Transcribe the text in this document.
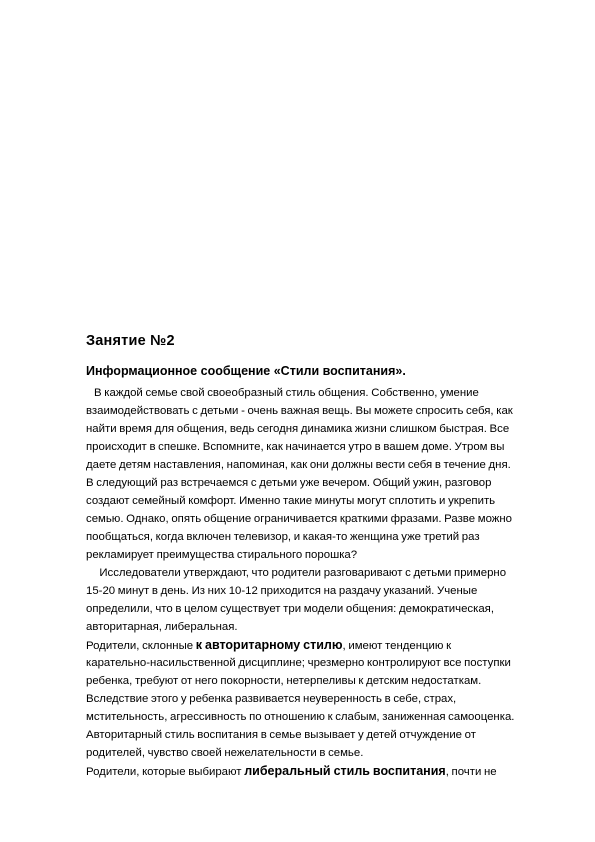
Занятие №2
Информационное сообщение «Стили воспитания».
В каждой семье свой своеобразный стиль общения. Собственно, умение
взаимодействовать с детьми - очень важная вещь. Вы можете спросить себя, как
найти время для общения, ведь сегодня динамика жизни слишком быстрая. Все
происходит в спешке. Вспомните, как начинается утро в вашем доме. Утром вы
даете детям наставления, напоминая, как они должны вести себя в течение дня.
В следующий раз встречаемся с детьми уже вечером. Общий ужин, разговор
создают семейный комфорт. Именно такие минуты могут сплотить и укрепить
семью. Однако, опять общение ограничивается краткими фразами. Разве можно
пообщаться, когда включен телевизор, и какая-то женщина уже третий раз
рекламирует преимущества стирального порошка?
Исследователи утверждают, что родители разговаривают с детьми примерно
15-20 минут в день. Из них 10-12 приходится на раздачу указаний. Ученые
определили, что в целом существует три модели общения: демократическая,
авторитарная, либеральная.
Родители, склонные к авторитарному стилю, имеют тенденцию к
карательно-насильственной дисциплине; чрезмерно контролируют все поступки
ребенка, требуют от него покорности, нетерпеливы к детским недостаткам.
Вследствие этого у ребенка развивается неуверенность в себе, страх,
мстительность, агрессивность по отношению к слабым, заниженная самооценка.
Авторитарный стиль воспитания в семье вызывает у детей отчуждение от
родителей, чувство своей нежелательности в семье.
Родители, которые выбирают либеральный стиль воспитания, почти не
